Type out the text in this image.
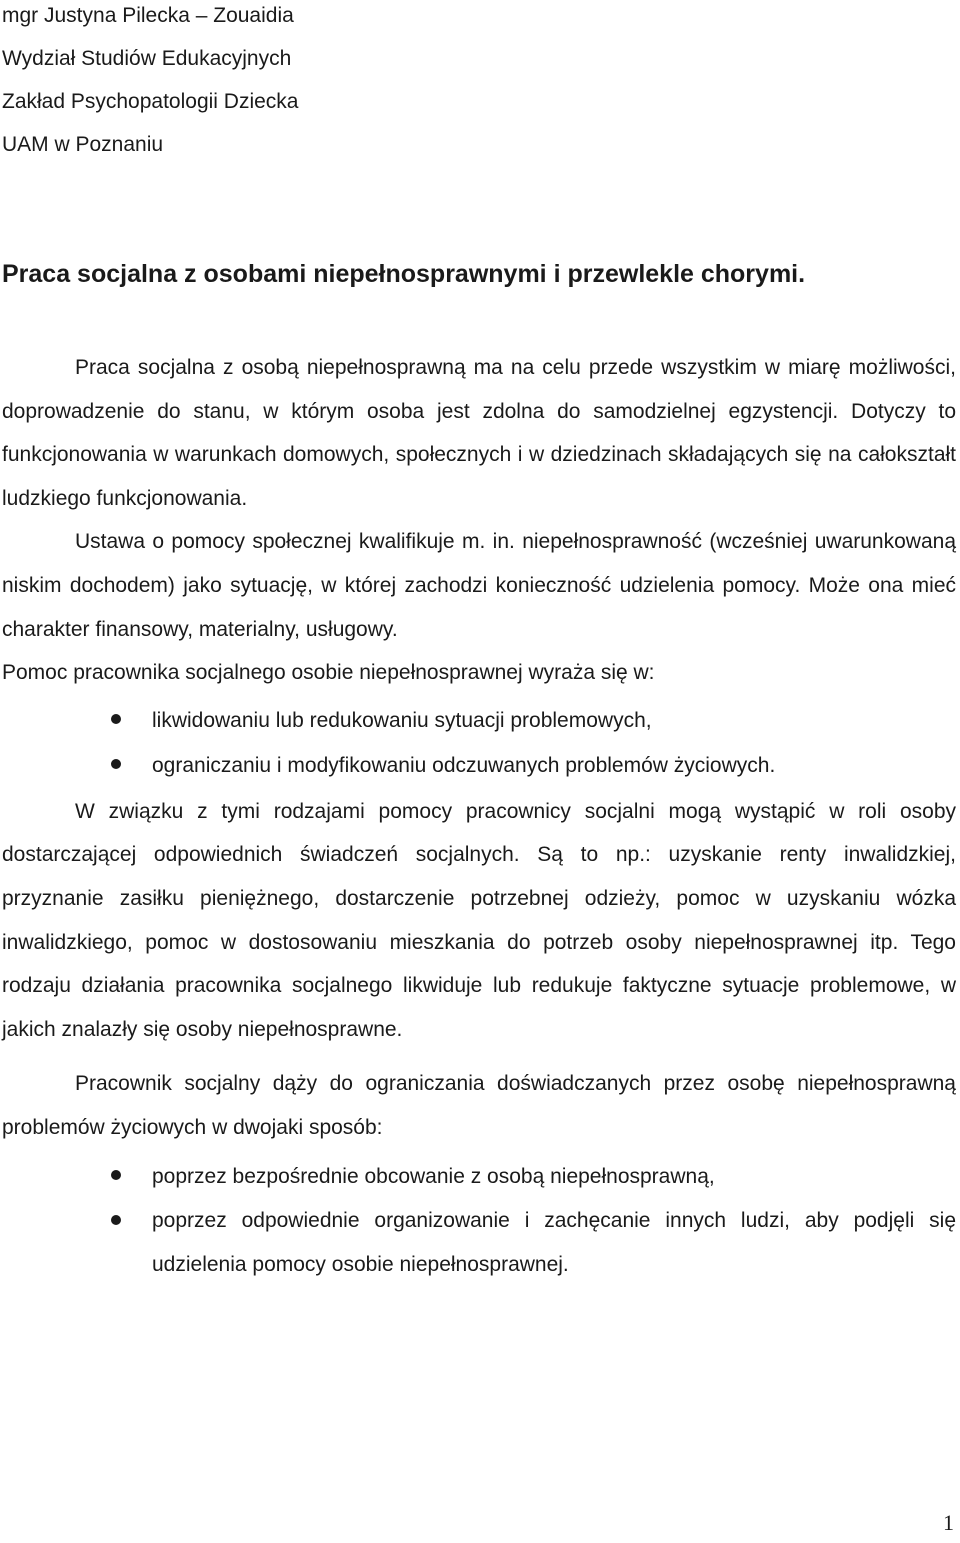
mgr Justyna Pilecka – Zouaidia
Wydział Studiów Edukacyjnych
Zakład Psychopatologii Dziecka
UAM w Poznaniu
Praca socjalna z osobami niepełnosprawnymi i przewlekle chorymi.

Praca socjalna z osobą niepełnosprawną ma na celu przede wszystkim w miarę możliwości, doprowadzenie do stanu, w którym osoba jest zdolna do samodzielnej egzystencji. Dotyczy to funkcjonowania w warunkach domowych, społecznych i w dziedzinach składających się na całokształt ludzkiego funkcjonowania.

Ustawa o pomocy społecznej kwalifikuje m. in. niepełnosprawność (wcześniej uwarunkowaną niskim dochodem) jako sytuację, w której zachodzi konieczność udzielenia pomocy. Może ona mieć charakter finansowy, materialny, usługowy.

Pomoc pracownika socjalnego osobie niepełnosprawnej wyraża się w:

likwidowaniu lub redukowaniu sytuacji problemowych,
ograniczaniu i modyfikowaniu odczuwanych problemów życiowych.

W związku z tymi rodzajami pomocy pracownicy socjalni mogą wystąpić w roli osoby dostarczającej odpowiednich świadczeń socjalnych. Są to np.: uzyskanie renty inwalidzkiej, przyznanie zasiłku pieniężnego, dostarczenie potrzebnej odzieży, pomoc w uzyskaniu wózka inwalidzkiego, pomoc w dostosowaniu mieszkania do potrzeb osoby niepełnosprawnej itp. Tego rodzaju działania pracownika socjalnego likwiduje lub redukuje faktyczne sytuacje problemowe, w jakich znalazły się osoby niepełnosprawne.

Pracownik socjalny dąży do ograniczania doświadczanych przez osobę niepełnosprawną problemów życiowych w dwojaki sposób:

poprzez bezpośrednie obcowanie z osobą niepełnosprawną,
poprzez odpowiednie organizowanie i zachęcanie innych ludzi, aby podjęli się udzielenia pomocy osobie niepełnosprawnej.
1
